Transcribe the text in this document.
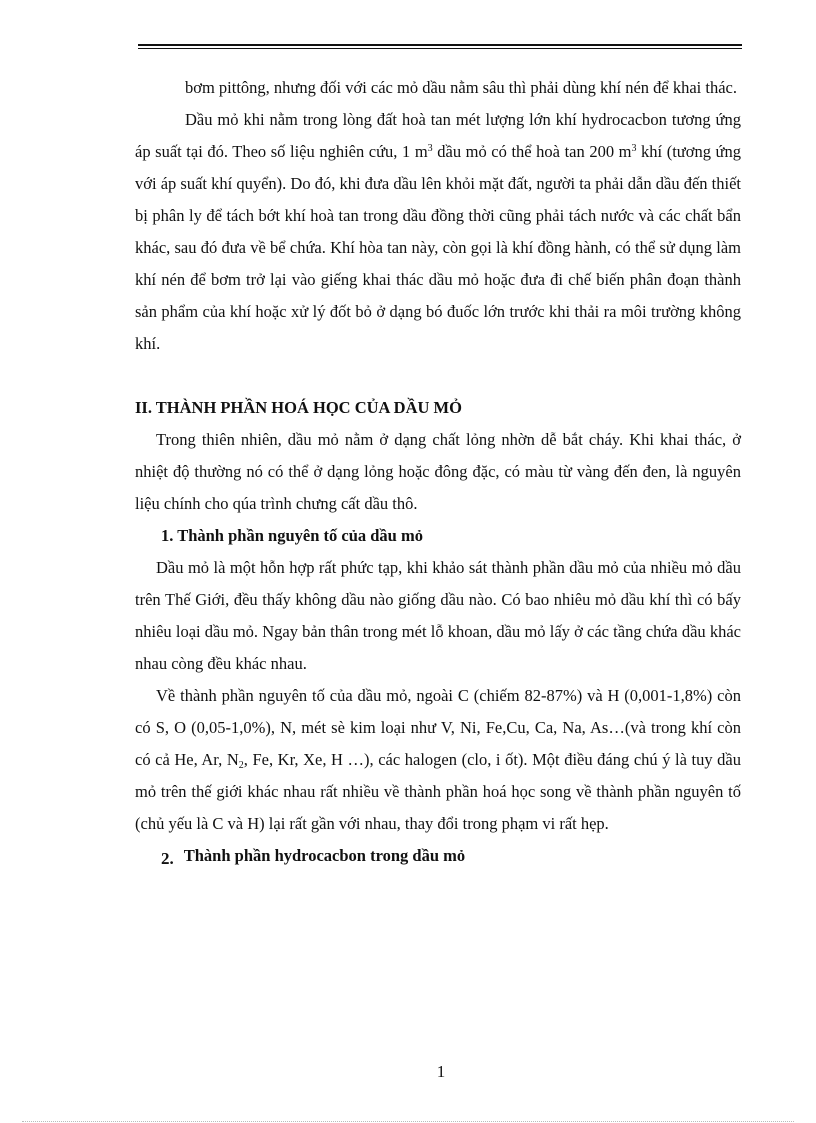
bơm pittông, nhưng đối với các mỏ dầu nằm sâu thì phải dùng khí nén để khai thác.

Dầu mỏ khi nằm trong lòng đất hoà tan mét lượng lớn khí hydrocacbon tương ứng áp suất tại đó. Theo số liệu nghiên cứu, 1 $m^3$ dầu mỏ có thể hoà tan 200 $m^3$ khí (tương ứng với áp suất khí quyển). Do đó, khi đưa dầu lên khỏi mặt đất, người ta phải dẫn dầu đến thiết bị phân ly để tách bớt khí hoà tan trong dầu đồng thời cũng phải tách nước và các chất bẩn khác, sau đó đưa về bể chứa. Khí hòa tan này, còn gọi là khí đồng hành, có thể sử dụng làm khí nén để bơm trở lại vào giếng khai thác dầu mỏ hoặc đưa đi chế biến phân đoạn thành sản phẩm của khí hoặc xử lý đốt bỏ ở dạng bó đuốc lớn trước khi thải ra môi trường không khí.

II. THÀNH PHẦN HOÁ HỌC CỦA DẦU MỎ

Trong thiên nhiên, dầu mỏ nằm ở dạng chất lỏng nhờn dễ bắt cháy. Khi khai thác, ở nhiệt độ thường nó có thể ở dạng lỏng hoặc đông đặc, có màu từ vàng đến đen, là nguyên liệu chính cho qúa trình chưng cất dầu thô.

1. Thành phần nguyên tố của dầu mỏ

Dầu mỏ là một hỗn hợp rất phức tạp, khi khảo sát thành phần dầu mỏ của nhiều mỏ dầu trên Thế Giới, đều thấy không dầu nào giống dầu nào. Có bao nhiêu mỏ dầu khí thì có bấy nhiêu loại dầu mỏ. Ngay bản thân trong mét lỗ khoan, dầu mỏ lấy ở các tầng chứa dầu khác nhau còng đều khác nhau.

Về thành phần nguyên tố của dầu mỏ, ngoài C (chiếm 82-87%) và H (0,001-1,8%) còn có S, O (0,05-1,0%), N, mét sè kim loại như V, Ni, Fe,Cu, Ca, Na, As…(và trong khí còn có cả He, Ar, $N_2$, Fe, Kr, Xe, H …), các halogen (clo, i ốt). Một điều đáng chú ý là tuy dầu mỏ trên thế giới khác nhau rất nhiều về thành phần hoá học song về thành phần nguyên tố (chủ yếu là C và H) lại rất gần với nhau, thay đổi trong phạm vi rất hẹp.

2. Thành phần hydrocacbon trong dầu mỏ
1
